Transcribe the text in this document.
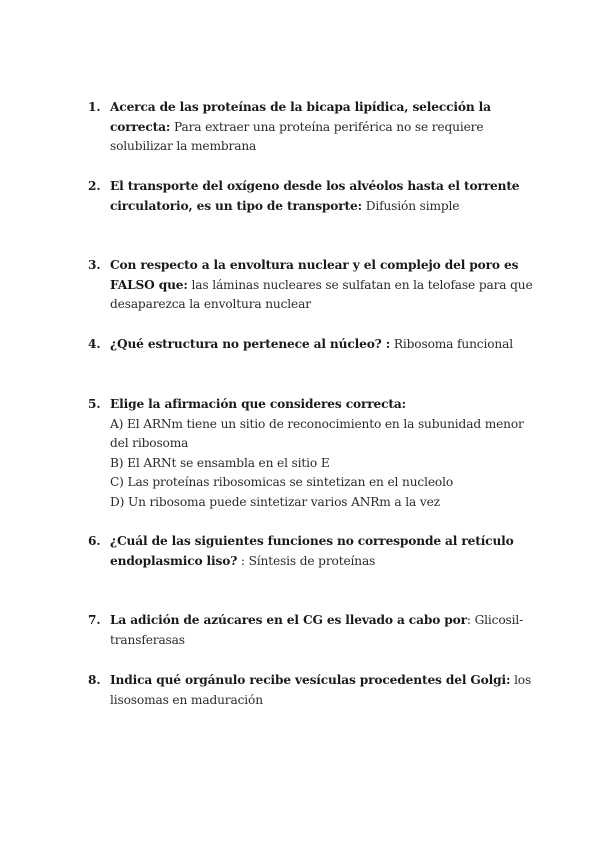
1. Acerca de las proteínas de la bicapa lipídica, selección la correcta: Para extraer una proteína periférica no se requiere solubilizar la membrana
2. El transporte del oxígeno desde los alvéolos hasta el torrente circulatorio, es un tipo de transporte: Difusión simple
3. Con respecto a la envoltura nuclear y el complejo del poro es FALSO que: las láminas nucleares se sulfatan en la telofase para que desaparezca la envoltura nuclear
4. ¿Qué estructura no pertenece al núcleo? : Ribosoma funcional
5. Elige la afirmación que consideres correcta:
A) El ARNm tiene un sitio de reconocimiento en la subunidad menor del ribosoma
B) El ARNt se ensambla en el sitio E
C) Las proteínas ribosomicas se sintetizan en el nucleolo
D) Un ribosoma puede sintetizar varios ANRm a la vez
6. ¿Cuál de las siguientes funciones no corresponde al retículo endoplasmico liso? : Síntesis de proteínas
7. La adición de azúcares en el CG es llevado a cabo por: Glicosil-transferasas
8. Indica qué orgánulo recibe vesículas procedentes del Golgi: los lisosomas en maduración
